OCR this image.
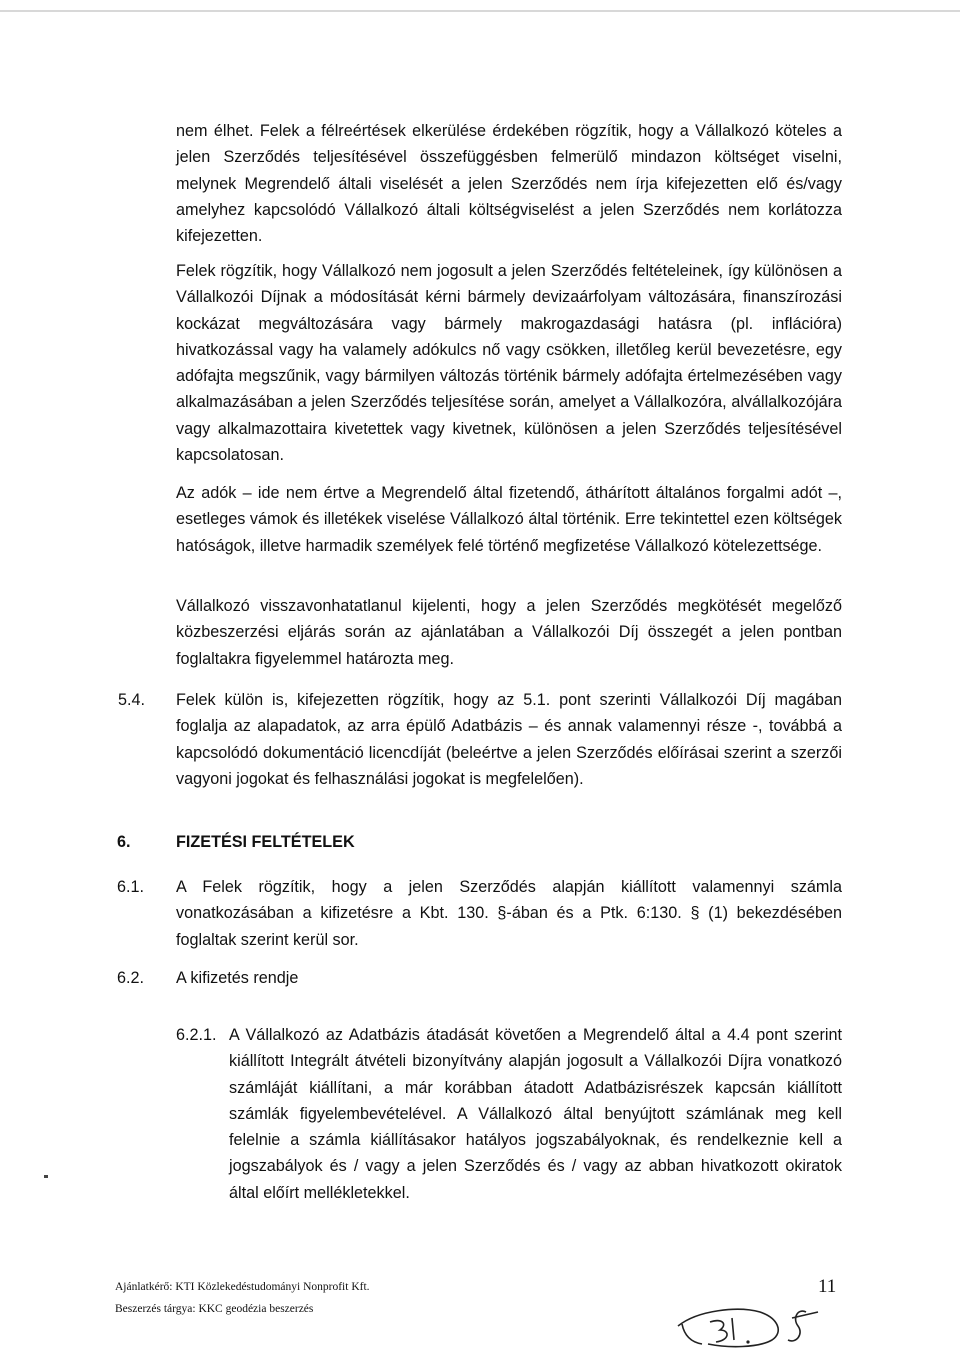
nem élhet. Felek a félreértések elkerülése érdekében rögzítik, hogy a Vállalkozó köteles a jelen Szerződés teljesítésével összefüggésben felmerülő mindazon költséget viselni, melynek Megrendelő általi viselését a jelen Szerződés nem írja kifejezetten elő és/vagy amelyhez kapcsolódó Vállalkozó általi költségviselést a jelen Szerződés nem korlátozza kifejezetten.

Felek rögzítik, hogy Vállalkozó nem jogosult a jelen Szerződés feltételeinek, így különösen a Vállalkozói Díjnak a módosítását kérni bármely devizaárfolyam változására, finanszírozási kockázat megváltozására vagy bármely makrogazdasági hatásra (pl. inflációra) hivatkozással vagy ha valamely adókulcs nő vagy csökken, illetőleg kerül bevezetésre, egy adófajta megszűnik, vagy bármilyen változás történik bármely adófajta értelmezésében vagy alkalmazásában a jelen Szerződés teljesítése során, amelyet a Vállalkozóra, alvállalkozójára vagy alkalmazottaira kivetettek vagy kivetnek, különösen a jelen Szerződés teljesítésével kapcsolatosan.

Az adók – ide nem értve a Megrendelő által fizetendő, áthárított általános forgalmi adót –, esetleges vámok és illetékek viselése Vállalkozó által történik. Erre tekintettel ezen költségek hatóságok, illetve harmadik személyek felé történő megfizetése Vállalkozó kötelezettsége.

Vállalkozó visszavonhatatlanul kijelenti, hogy a jelen Szerződés megkötését megelőző közbeszerzési eljárás során az ajánlatában a Vállalkozói Díj összegét a jelen pontban foglaltakra figyelemmel határozta meg.

5.4. Felek külön is, kifejezetten rögzítik, hogy az 5.1. pont szerinti Vállalkozói Díj magában foglalja az alapadatok, az arra épülő Adatbázis – és annak valamennyi része -, továbbá a kapcsolódó dokumentáció licencdíját (beleértve a jelen Szerződés előírásai szerint a szerzői vagyoni jogokat és felhasználási jogokat is megfelelően).

6.	FIZETÉSI FELTÉTELEK
6.1. A Felek rögzítik, hogy a jelen Szerződés alapján kiállított valamennyi számla vonatkozásában a kifizetésre a Kbt. 130. §-ában és a Ptk. 6:130. § (1) bekezdésében foglaltak szerint kerül sor.

6.2. A kifizetés rendje
6.2.1. A Vállalkozó az Adatbázis átadását követően a Megrendelő által a 4.4 pont szerint kiállított Integrált átvételi bizonyítvány alapján jogosult a Vállalkozói Díjra vonatkozó számláját kiállítani, a már korábban átadott Adatbázisrészek kapcsán kiállított számlák figyelembevételével. A Vállalkozó által benyújtott számlának meg kell felelnie a számla kiállításakor hatályos jogszabályoknak, és rendelkeznie kell a jogszabályok és / vagy a jelen Szerződés és / vagy az abban hivatkozott okiratok által előírt mellékletekkel.

Ajánlatkérő: KTI Közlekedéstudományi Nonprofit Kft.
Beszerzés tárgya: KKC geodézia beszerzés
11
